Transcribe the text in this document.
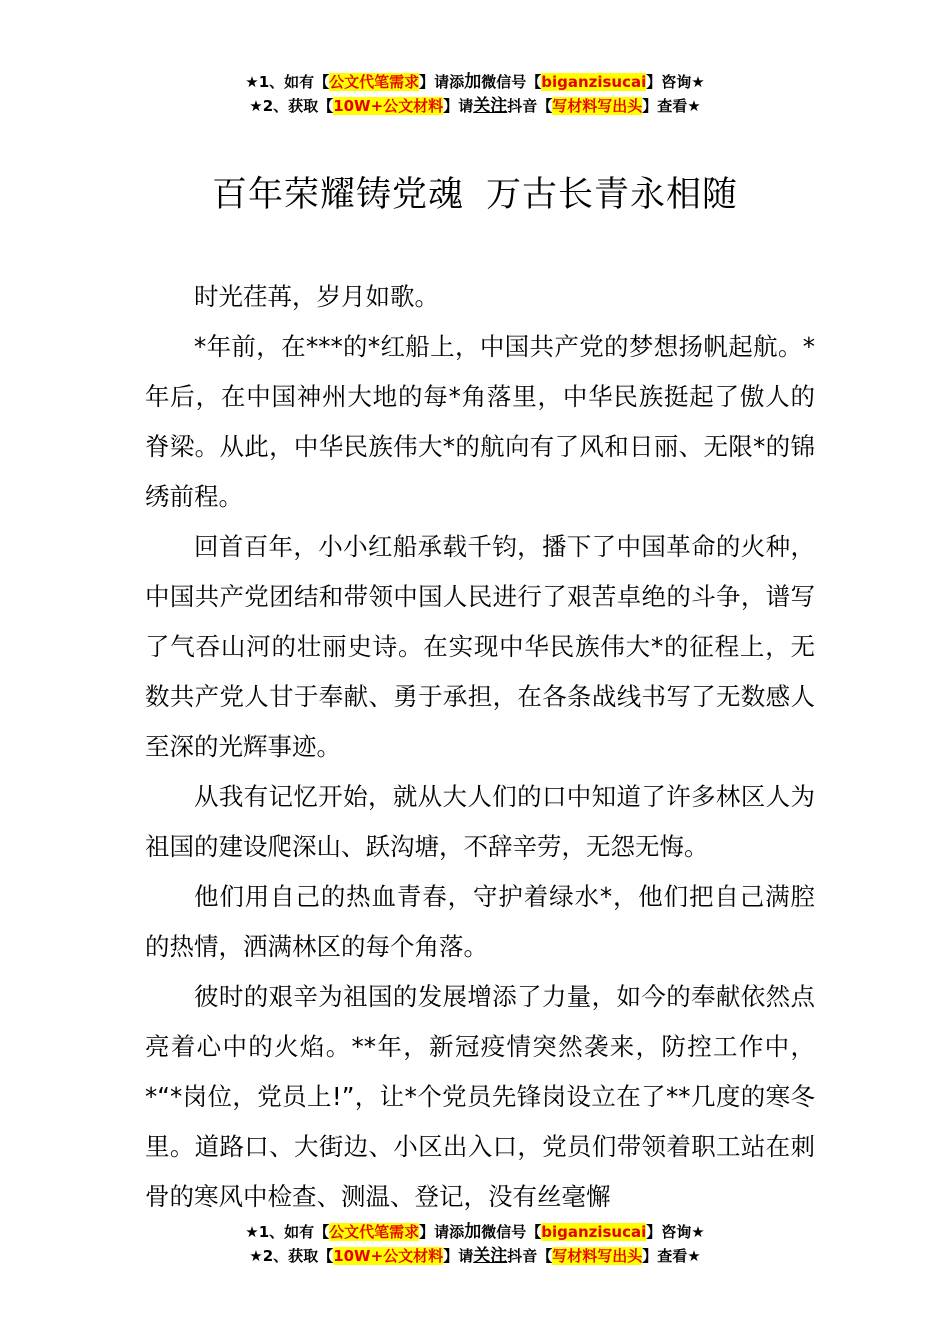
★1、如有【公文代笔需求】请添加微信号【biganzisucai】咨询★
★2、获取【10W+公文材料】请关注抖音【写材料写出头】查看★
百年荣耀铸党魂 万古长青永相随

时光荏苒，岁月如歌。

*年前，在***的*红船上，中国共产党的梦想扬帆起航。*年后，在中国神州大地的每*角落里，中华民族挺起了傲人的脊梁。从此，中华民族伟大*的航向有了风和日丽、无限*的锦绣前程。

回首百年，小小红船承载千钧，播下了中国革命的火种，中国共产党团结和带领中国人民进行了艰苦卓绝的斗争，谱写了气吞山河的壮丽史诗。在实现中华民族伟大*的征程上，无数共产党人甘于奉献、勇于承担，在各条战线书写了无数感人至深的光辉事迹。

从我有记忆开始，就从大人们的口中知道了许多林区人为祖国的建设爬深山、跃沟塘，不辞辛劳，无怨无悔。

他们用自己的热血青春，守护着绿水*，他们把自己满腔的热情，洒满林区的每个角落。

彼时的艰辛为祖国的发展增添了力量，如今的奉献依然点亮着心中的火焰。**年，新冠疫情突然袭来，防控工作中，*“*岗位，党员上!”，让*个党员先锋岗设立在了**几度的寒冬里。道路口、大街边、小区出入口，党员们带领着职工站在刺骨的寒风中检查、测温、登记，没有丝毫懈

★1、如有【公文代笔需求】请添加微信号【biganzisucai】咨询★
★2、获取【10W+公文材料】请关注抖音【写材料写出头】查看★
